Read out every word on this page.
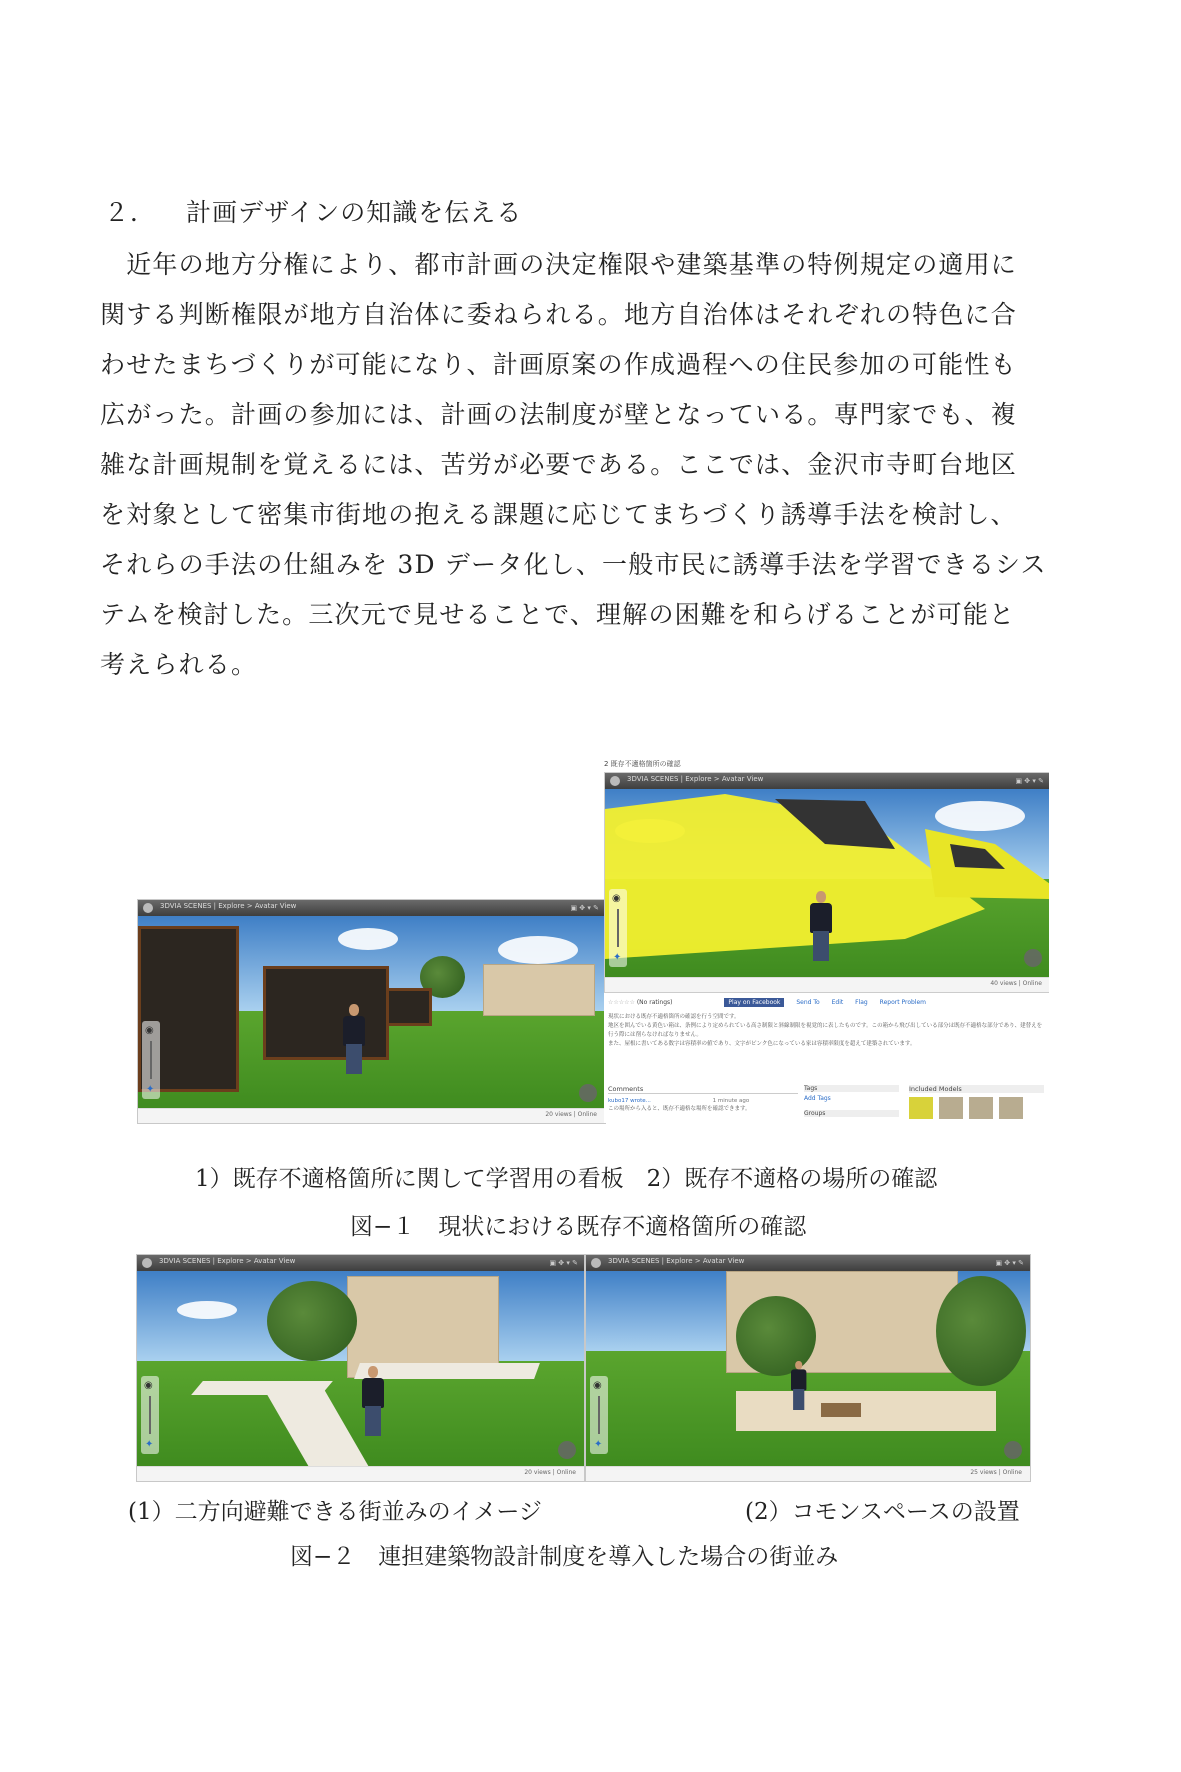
２． 計画デザインの知識を伝える
　近年の地方分権により、都市計画の決定権限や建築基準の特例規定の適用に
関する判断権限が地方自治体に委ねられる。地方自治体はそれぞれの特色に合
わせたまちづくりが可能になり、計画原案の作成過程への住民参加の可能性も
広がった。計画の参加には、計画の法制度が壁となっている。専門家でも、複
雑な計画規制を覚えるには、苦労が必要である。ここでは、金沢市寺町台地区
を対象として密集市街地の抱える課題に応じてまちづくり誘導手法を検討し、
それらの手法の仕組みを 3D データ化し、一般市民に誘導手法を学習できるシス
テムを検討した。三次元で見せることで、理解の困難を和らげることが可能と
考えられる。
3DVIA SCENES | Explore > Avatar View	▣ ✥ ▾ ✎
◉
✦
20 views | Online
2 既存不適格箇所の確認
3DVIA SCENES | Explore > Avatar View	▣ ✥ ▾ ✎
◉
✦
40 views | Online
☆☆☆☆☆ (No ratings)	Play on Facebook	Send To Edit Flag Report Problem
現状における既存不適格箇所の確認を行う空間です。
地区を囲んでいる黄色い箱は、条例により定められている高さ制限と斜線制限を視覚的に表したものです。この箱から飛び出している部分は既存不適格な部分であり、建替えを行う際には削らなければなりません。
また、屋根に書いてある数字は容積率の値であり、文字がピンク色になっている家は容積率限度を超えて建築されています。
Comments
kubo17 wrote...	1 minute ago
この場所から入ると、既存不適格な場所を確認できます。
Tags
Add Tags
Groups
Included Models

1）既存不適格箇所に関して学習用の看板　2）既存不適格の場所の確認
図−１　現状における既存不適格箇所の確認
3DVIA SCENES | Explore > Avatar View	▣ ✥ ▾ ✎
◉
✦
20 views | Online
3DVIA SCENES | Explore > Avatar View	▣ ✥ ▾ ✎
◉
✦
25 views | Online
(1）二方向避難できる街並みのイメージ	(2）コモンスペースの設置
図−２　連担建築物設計制度を導入した場合の街並み
